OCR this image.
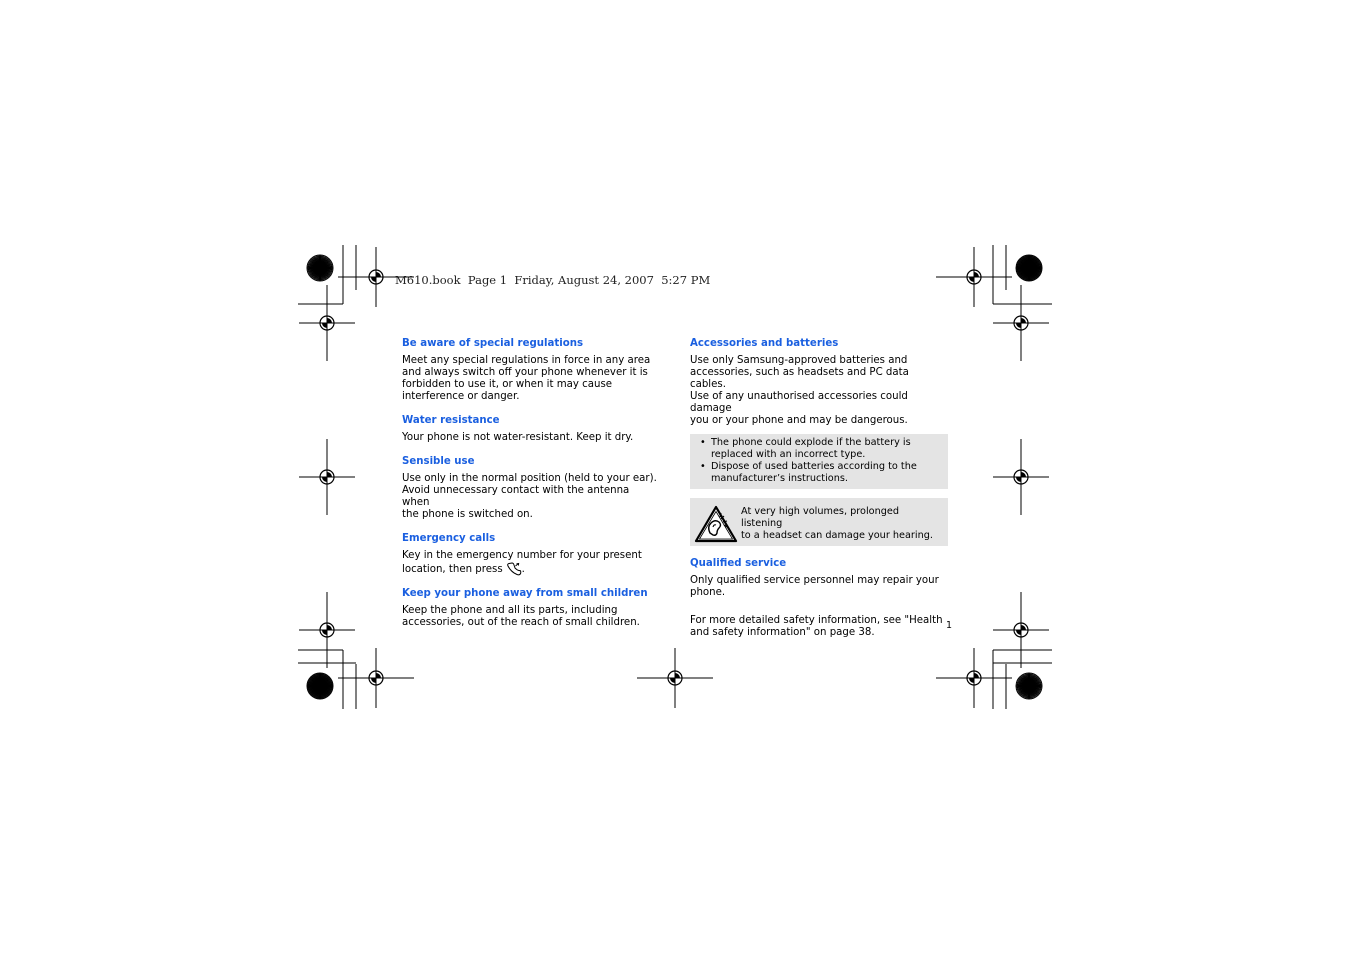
M610.book  Page 1  Friday, August 24, 2007  5:27 PM
Be aware of special regulations
Meet any special regulations in force in any area
and always switch off your phone whenever it is
forbidden to use it, or when it may cause
interference or danger.
Water resistance
Your phone is not water-resistant. Keep it dry.
Sensible use
Use only in the normal position (held to your ear).
Avoid unnecessary contact with the antenna when
the phone is switched on.
Emergency calls
Key in the emergency number for your present
location, then press .
Keep your phone away from small children
Keep the phone and all its parts, including
accessories, out of the reach of small children.
Accessories and batteries
Use only Samsung-approved batteries and
accessories, such as headsets and PC data cables.
Use of any unauthorised accessories could damage
you or your phone and may be dangerous.
• The phone could explode if the battery is
replaced with an incorrect type.
• Dispose of used batteries according to the
manufacturer’s instructions.
At very high volumes, prolonged listening
to a headset can damage your hearing.
Qualified service
Only qualified service personnel may repair your
phone.
For more detailed safety information, see "Health
and safety information" on page 38.
1
